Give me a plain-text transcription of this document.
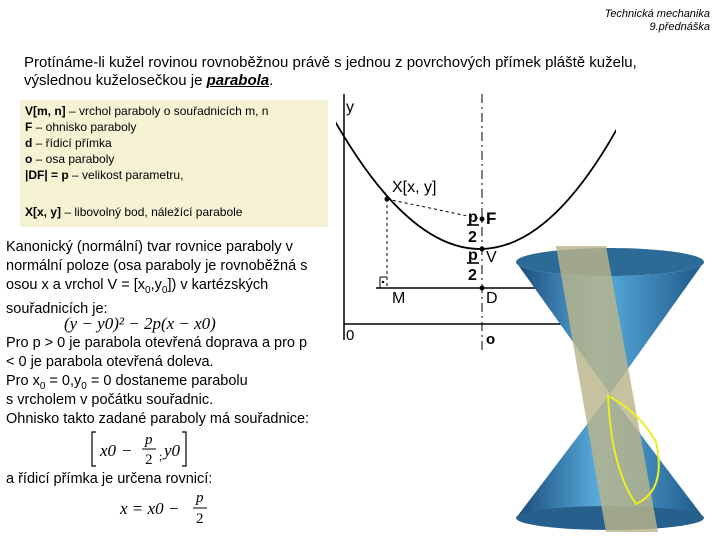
Technická mechanika
9.přednáška
Protínáme-li kužel rovinou rovnoběžnou právě s jednou z povrchových přímek pláště kuželu, výslednou kuželosečkou je parabola.
V[m, n] – vrchol paraboly o souřadnicích m, n
F – ohnisko paraboly
d – řídicí přímka
o – osa paraboly
|DF| = p – velikost parametru,
X[x, y] – libovolný bod, náležící parabole
Kanonický (normální) tvar rovnice paraboly v
normální poloze (osa paraboly je rovnoběžná s
osou x a vrchol $V = [x_0,y_0]$) v kartézských
souřadnicích je:
(y − y0)² − 2p(x − x0)
Pro p > 0 je parabola otevřená doprava a pro p
< 0 je parabola otevřená doleva.
Pro $x_0 = 0,y_0 = 0$ dostaneme parabolu
s vrcholem v počátku souřadnic.
Ohnisko takto zadané paraboly má souřadnice:
x0 −
p
2 ; y0
a řídicí přímka je určena rovnicí:
x = x0 −
p
2
y
0
X[x, y]
M	D
o
F
V
p
2
p
2
